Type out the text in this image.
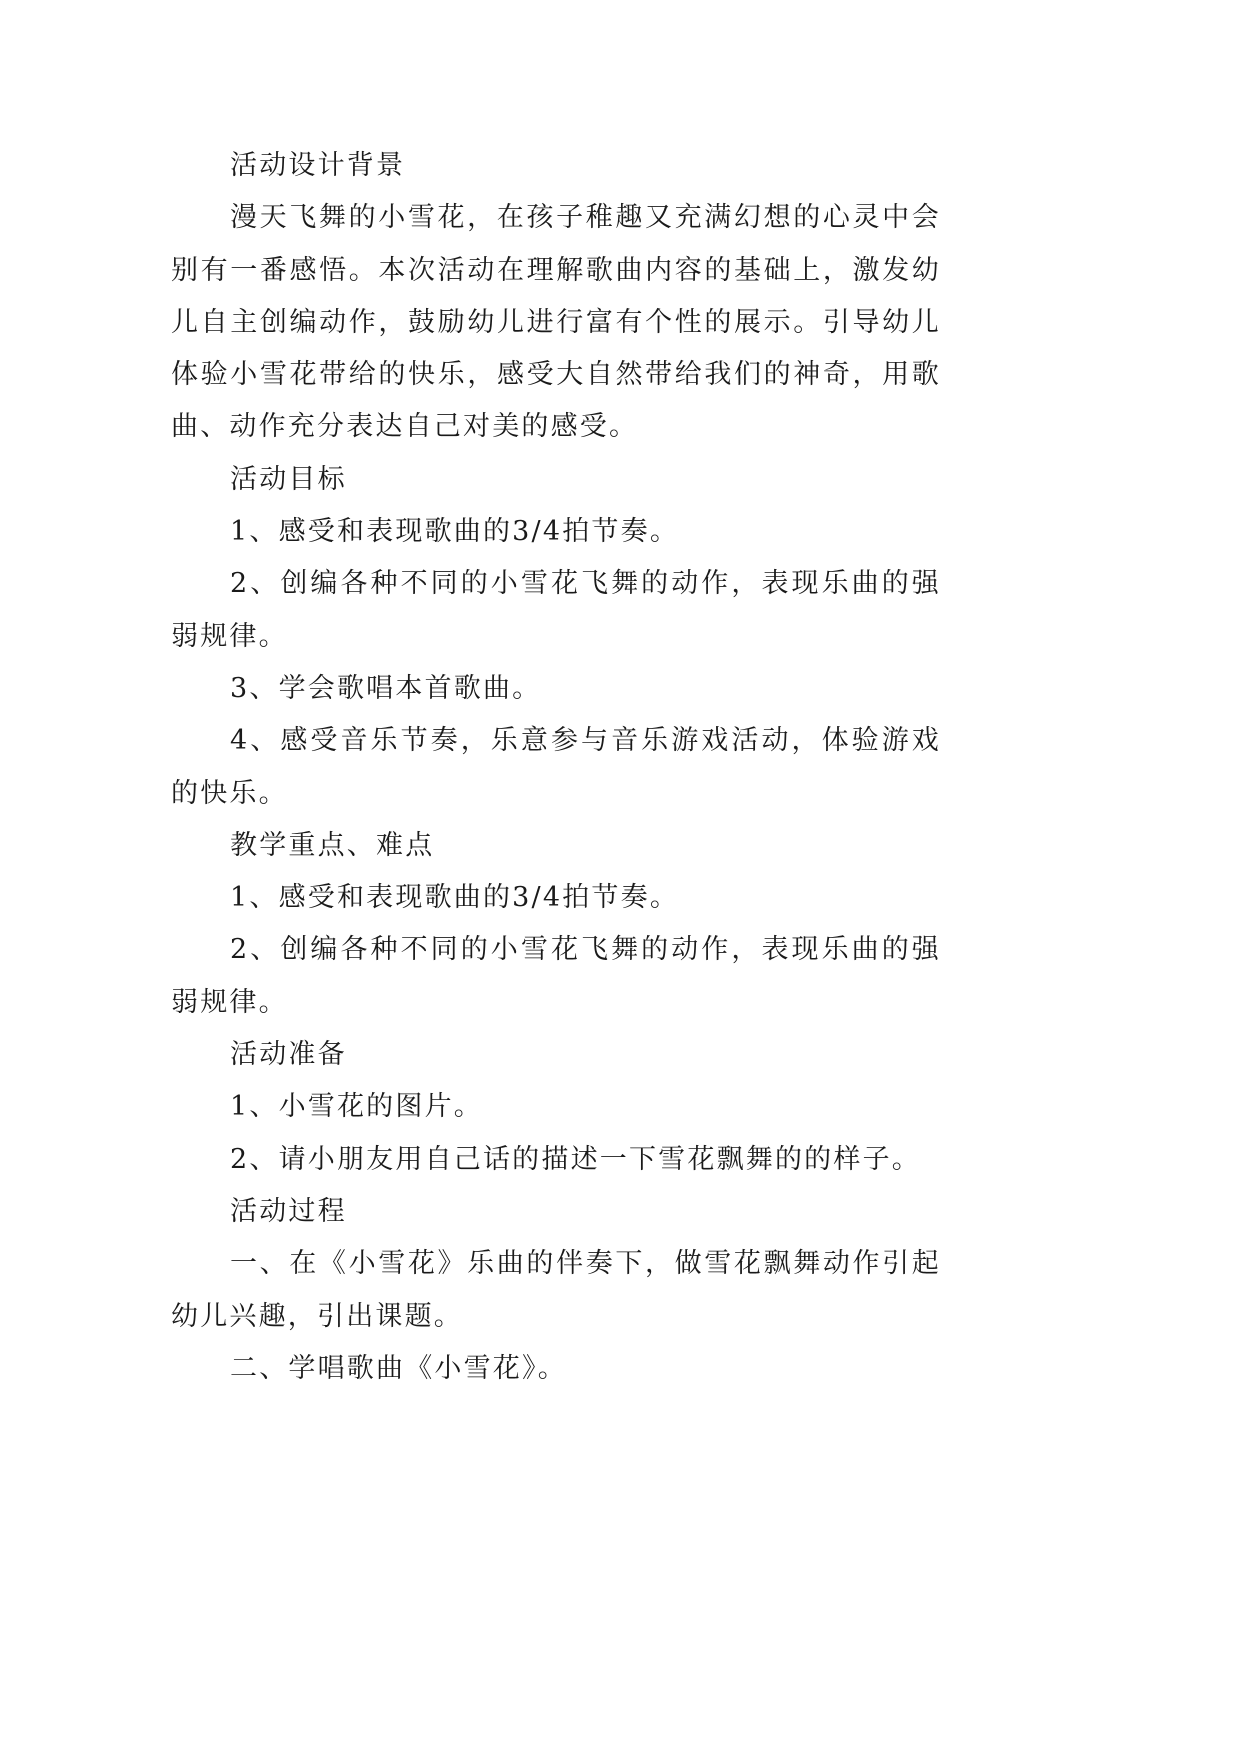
活动设计背景

漫天飞舞的小雪花，在孩子稚趣又充满幻想的心灵中会别有一番感悟。本次活动在理解歌曲内容的基础上，激发幼儿自主创编动作，鼓励幼儿进行富有个性的展示。引导幼儿体验小雪花带给的快乐，感受大自然带给我们的神奇，用歌曲、动作充分表达自己对美的感受。

活动目标

1、感受和表现歌曲的3/4拍节奏。

2、创编各种不同的小雪花飞舞的动作，表现乐曲的强弱规律。

3、学会歌唱本首歌曲。

4、感受音乐节奏，乐意参与音乐游戏活动，体验游戏的快乐。

教学重点、难点

1、感受和表现歌曲的3/4拍节奏。

2、创编各种不同的小雪花飞舞的动作，表现乐曲的强弱规律。

活动准备

1、小雪花的图片。

2、请小朋友用自己话的描述一下雪花飘舞的的样子。

活动过程

一、在《小雪花》乐曲的伴奏下，做雪花飘舞动作引起幼儿兴趣，引出课题。

二、学唱歌曲《小雪花》。
